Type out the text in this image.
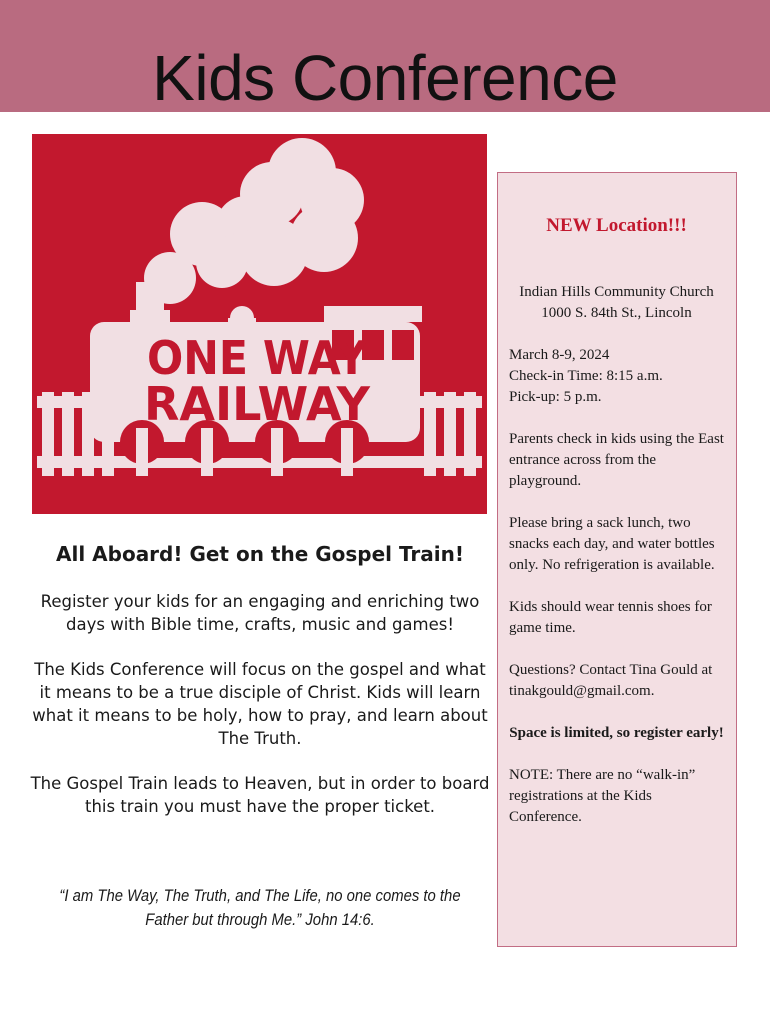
Kids Conference
ONE WAY
RAILWAY

All Aboard! Get on the Gospel Train!

Register your kids for an engaging and enriching two days with Bible time, crafts, music and games!

The Kids Conference will focus on the gospel and what it means to be a true disciple of Christ. Kids will learn what it means to be holy, how to pray, and learn about The Truth.

The Gospel Train leads to Heaven, but in order to board this train you must have the proper ticket.

“I am The Way, The Truth, and The Life, no one comes to the Father but through Me.” John 14:6.

NEW Location!!!

Indian Hills Community Church

1000 S. 84th St., Lincoln

March 8-9, 2024

Check-in Time: 8:15 a.m.

Pick-up: 5 p.m.

Parents check in kids using the East entrance across from the playground.

Please bring a sack lunch, two snacks each day, and water bottles only. No refrigeration is available.

Kids should wear tennis shoes for game time.

Questions? Contact Tina Gould at tinakgould@gmail.com.

Space is limited, so register early!

NOTE: There are no “walk-in” registrations at the Kids Conference.
